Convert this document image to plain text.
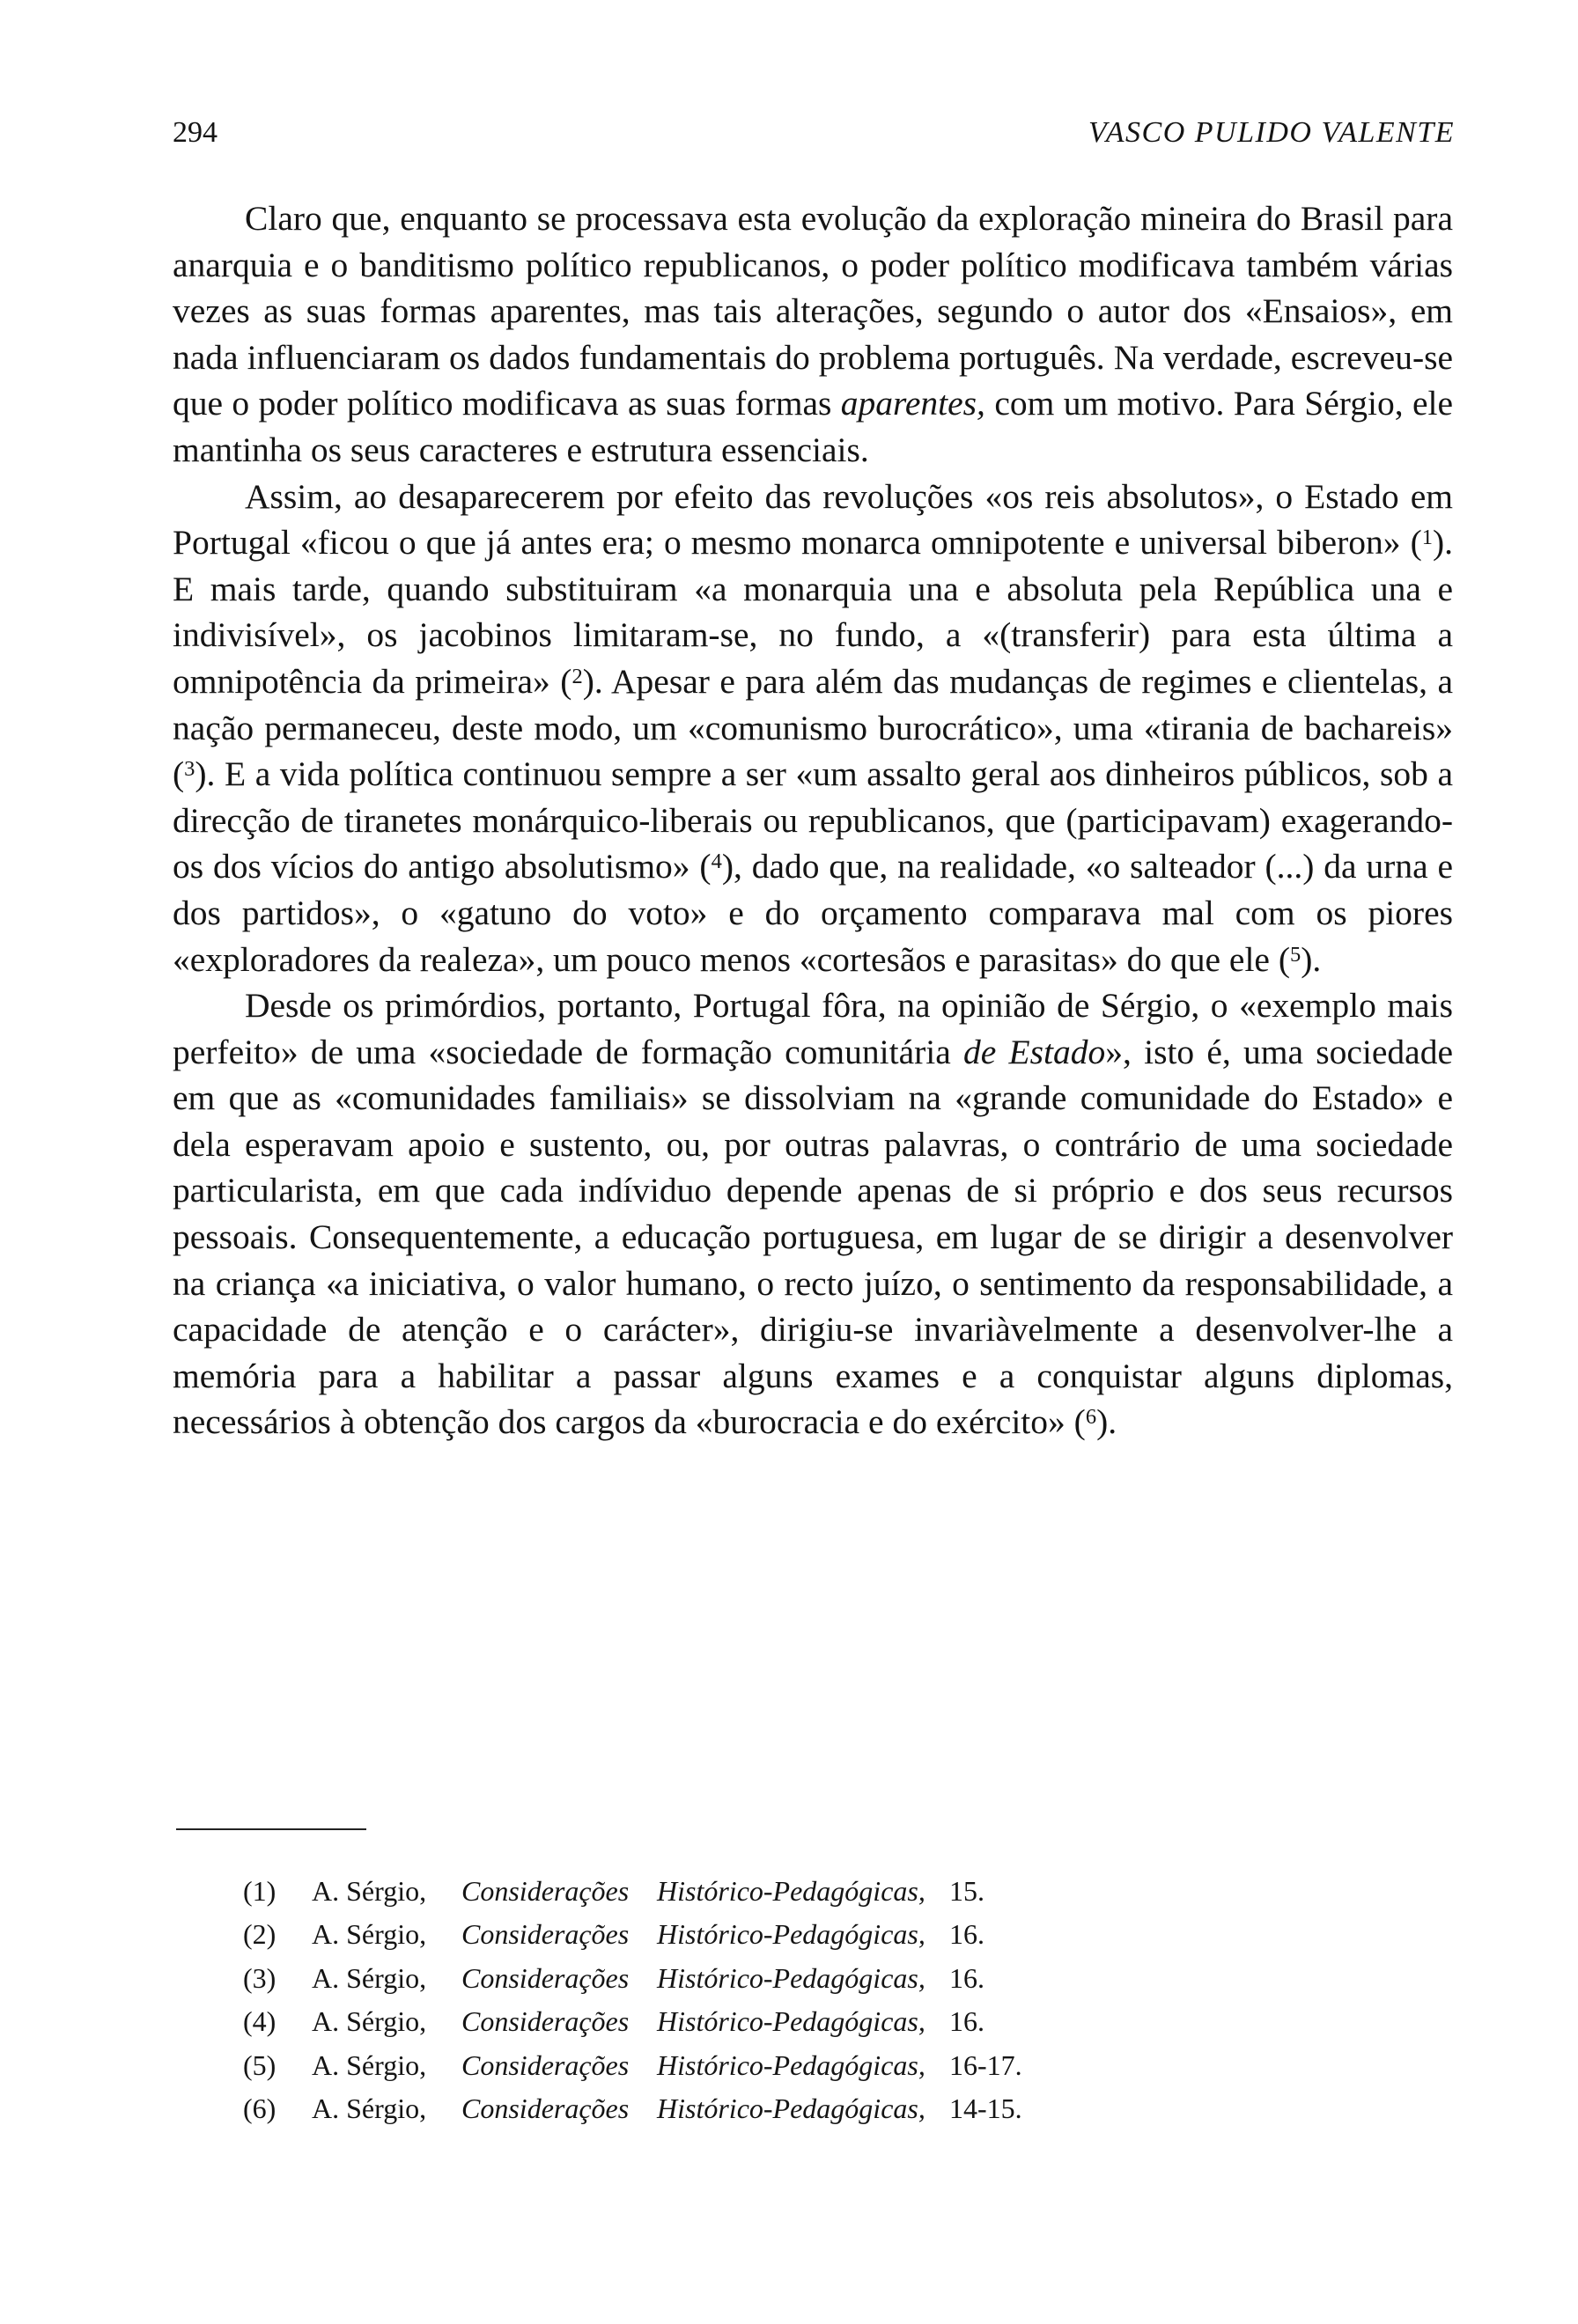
294	VASCO PULIDO VALENTE

Claro que, enquanto se processava esta evolução da exploração mineira do Brasil para anarquia e o banditismo político republicanos, o poder político modificava também várias vezes as suas formas aparentes, mas tais alterações, segundo o autor dos «Ensaios», em nada influenciaram os dados fundamentais do problema português. Na verdade, escreveu-se que o poder político modificava as suas formas aparentes, com um motivo. Para Sérgio, ele mantinha os seus caracteres e estrutura essenciais.

Assim, ao desaparecerem por efeito das revoluções «os reis absolutos», o Estado em Portugal «ficou o que já antes era; o mesmo monarca omnipotente e universal biberon» ($^1$). E mais tarde, quando substituiram «a monarquia una e absoluta pela República una e indivisível», os jacobinos limitaram-se, no fundo, a «(transferir) para esta última a omnipotência da primeira» ($^2$). Apesar e para além das mudanças de regimes e clientelas, a nação permaneceu, deste modo, um «comunismo burocrático», uma «tirania de bachareis» ($^3$). E a vida política continuou sempre a ser «um assalto geral aos dinheiros públicos, sob a direcção de tiranetes monárquico-liberais ou republicanos, que (participavam) exagerando-os dos vícios do antigo absolutismo» ($^4$), dado que, na realidade, «o salteador (...) da urna e dos partidos», o «gatuno do voto» e do orçamento comparava mal com os piores «exploradores da realeza», um pouco menos «cortesãos e parasitas» do que ele ($^5$).

Desde os primórdios, portanto, Portugal fôra, na opinião de Sérgio, o «exemplo mais perfeito» de uma «sociedade de formação comunitária de Estado», isto é, uma sociedade em que as «comunidades familiais» se dissolviam na «grande comunidade do Estado» e dela esperavam apoio e sustento, ou, por outras palavras, o contrário de uma sociedade particularista, em que cada indíviduo depende apenas de si próprio e dos seus recursos pessoais. Consequentemente, a educação portuguesa, em lugar de se dirigir a desenvolver na criança «a iniciativa, o valor humano, o recto juízo, o sentimento da responsabilidade, a capacidade de atenção e o carácter», dirigiu-se invariàvelmente a desenvolver-lhe a memória para a habilitar a passar alguns exames e a conquistar alguns diplomas, necessários à obtenção dos cargos da «burocracia e do exército» ($^6$).

(1) A. Sérgio, Considerações Histórico-Pedagógicas, 15.
(2) A. Sérgio, Considerações Histórico-Pedagógicas, 16.
(3) A. Sérgio, Considerações Histórico-Pedagógicas, 16.
(4) A. Sérgio, Considerações Histórico-Pedagógicas, 16.
(5) A. Sérgio, Considerações Histórico-Pedagógicas, 16-17.
(6) A. Sérgio, Considerações Histórico-Pedagógicas, 14-15.
